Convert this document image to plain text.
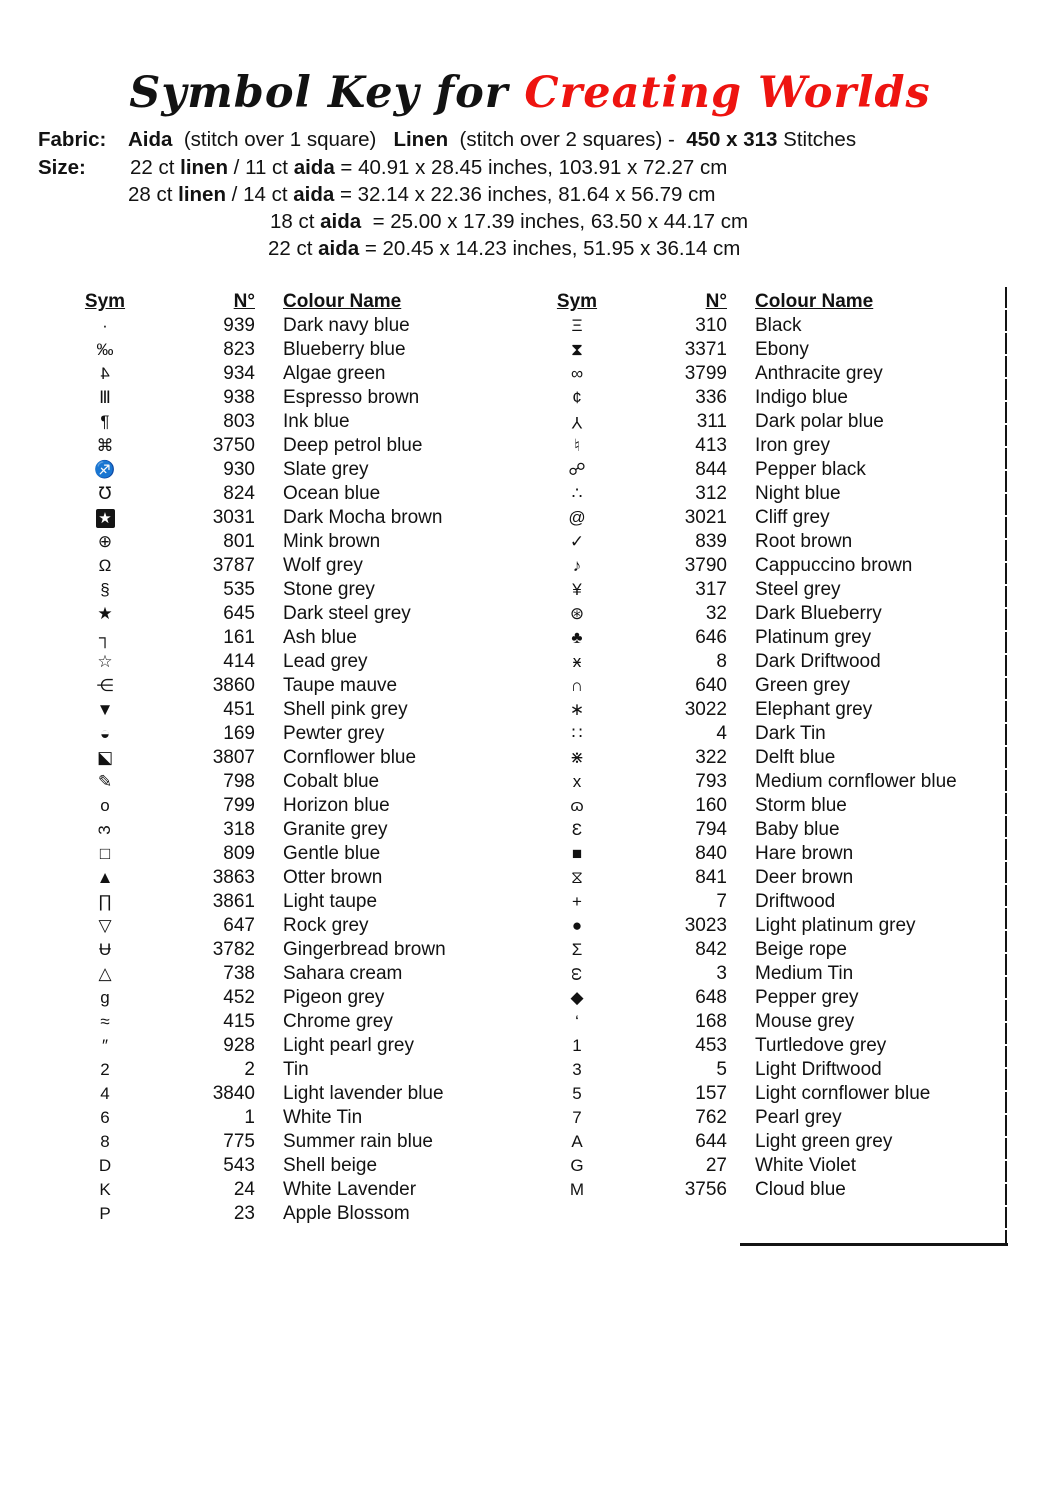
Symbol Key for Creating Worlds
Fabric: Aida  (stitch over 1 square)   Linen  (stitch over 2 squares) -  450 x 313 Stitches
Size: 22 ct linen / 11 ct aida = 40.91 x 28.45 inches, 103.91 x 72.27 cm
28 ct linen / 14 ct aida = 32.14 x 22.36 inches, 81.64 x 56.79 cm
18 ct aida  = 25.00 x 17.39 inches, 63.50 x 44.17 cm
22 ct aida = 20.45 x 14.23 inches, 51.95 x 36.14 cm
Sym	N°	Colour Name
·	939	Dark navy blue
‰	823	Blueberry blue
4	934	Algae green
Ⅲ	938	Espresso brown
¶	803	Ink blue
⌘	3750	Deep petrol blue
♐	930	Slate grey
℧	824	Ocean blue
★	3031	Dark Mocha brown
⊕	801	Mink brown
Ω	3787	Wolf grey
§	535	Stone grey
★	645	Dark steel grey
┐	161	Ash blue
☆	414	Lead grey
⋲	3860	Taupe mauve
▼	451	Shell pink grey
◒	169	Pewter grey
◪	3807	Cornflower blue
✎	798	Cobalt blue
o	799	Horizon blue
3	318	Granite grey
□	809	Gentle blue
▲	3863	Otter brown
∏	3861	Light taupe
▽	647	Rock grey
Ʉ	3782	Gingerbread brown
△	738	Sahara cream
g	452	Pigeon grey
≈	415	Chrome grey
″	928	Light pearl grey
2	2	Tin
4	3840	Light lavender blue
6	1	White Tin
8	775	Summer rain blue
D	543	Shell beige
K	24	White Lavender
P	23	Apple Blossom
Sym	N°	Colour Name
Ξ	310	Black
⧗	3371	Ebony
∞	3799	Anthracite grey
¢	336	Indigo blue
Y	311	Dark polar blue
♮	413	Iron grey
☍	844	Pepper black
∴	312	Night blue
@	3021	Cliff grey
✓	839	Root brown
♪	3790	Cappuccino brown
¥	317	Steel grey
⊛	32	Dark Blueberry
♣	646	Platinum grey
ӿ	8	Dark Driftwood
∩	640	Green grey
∗	3022	Elephant grey
∷	4	Dark Tin
⋇	322	Delft blue
x	793	Medium cornflower blue
ɷ	160	Storm blue
Ɛ	794	Baby blue
■	840	Hare brown
⧖	841	Deer brown
+	7	Driftwood
●	3023	Light platinum grey
Σ	842	Beige rope
ω	3	Medium Tin
◆	648	Pepper grey
‘	168	Mouse grey
1	453	Turtledove grey
3	5	Light Driftwood
5	157	Light cornflower blue
7	762	Pearl grey
A	644	Light green grey
G	27	White Violet
M	3756	Cloud blue
